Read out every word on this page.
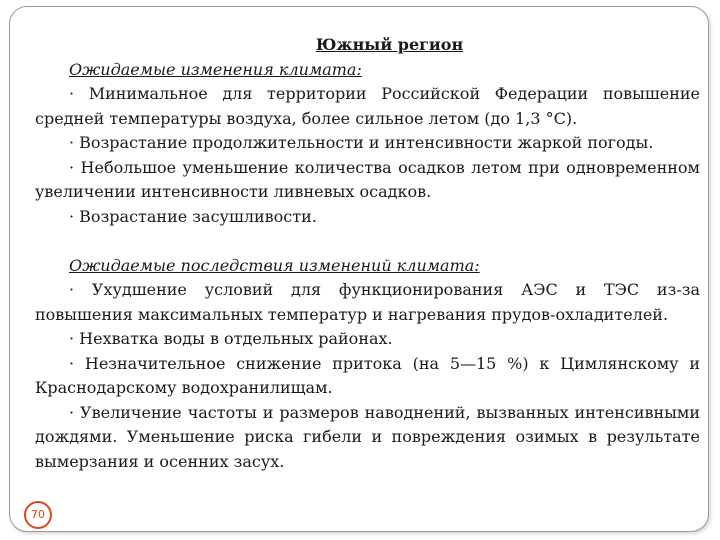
Южный регион

Ожидаемые изменения климата:

· Минимальное для территории Российской Федерации повышение средней температуры воздуха, более сильное летом (до 1,3 °С).

· Возрастание продолжительности и интенсивности жаркой погоды.

· Небольшое уменьшение количества осадков летом при одновременном увеличении интенсивности ливневых осадков.

· Возрастание засушливости.

Ожидаемые последствия изменений климата:

· Ухудшение условий для функционирования АЭС и ТЭС из-за повышения максимальных температур и нагревания прудов-охладителей.

· Нехватка воды в отдельных районах.

· Незначительное снижение притока (на 5—15 %) к Цимлянскому и Краснодарскому водохранилищам.

· Увеличение частоты и размеров наводнений, вызванных интенсивными дождями. Уменьшение риска гибели и повреждения озимых в результате вымерзания и осенних засух.

70
